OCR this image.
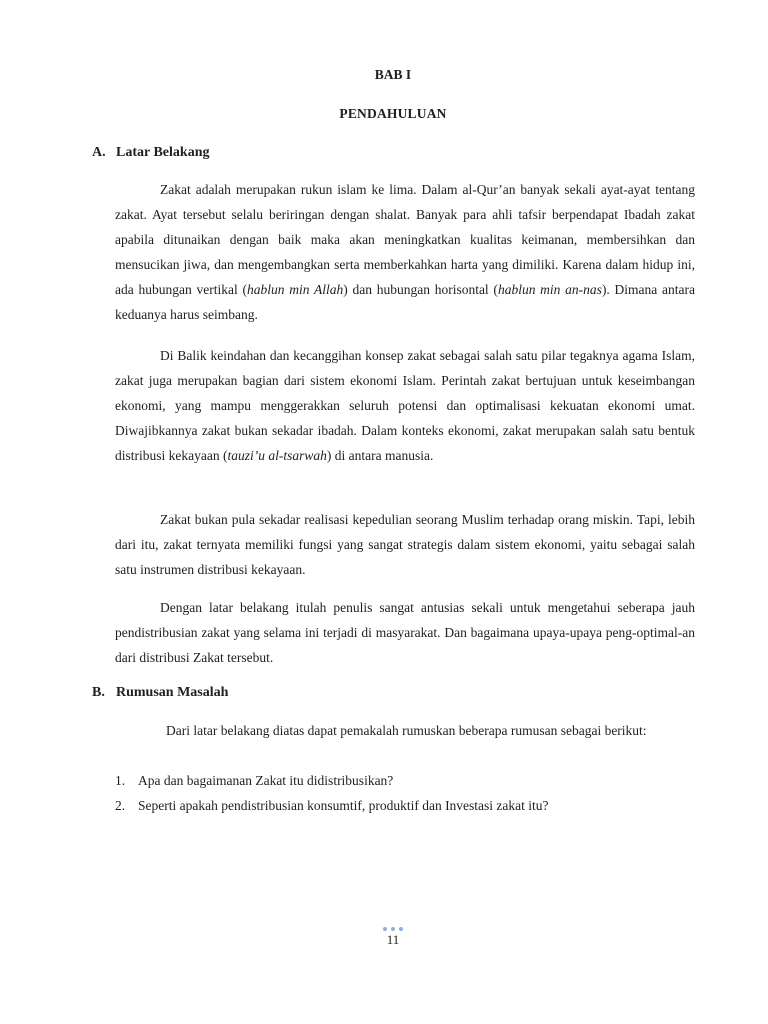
BAB I
PENDAHULUAN
A. Latar Belakang

Zakat adalah merupakan rukun islam ke lima. Dalam al-Qur’an banyak sekali ayat-ayat tentang zakat. Ayat tersebut selalu beriringan dengan shalat. Banyak para ahli tafsir berpendapat Ibadah zakat apabila ditunaikan dengan baik maka akan meningkatkan kualitas keimanan, membersihkan dan mensucikan jiwa, dan mengembangkan serta memberkahkan harta yang dimiliki. Karena dalam hidup ini, ada hubungan vertikal (hablun min Allah) dan hubungan horisontal (hablun min an-nas). Dimana antara keduanya harus seimbang.

Di Balik keindahan dan kecanggihan konsep zakat sebagai salah satu pilar tegaknya agama Islam, zakat juga merupakan bagian dari sistem ekonomi Islam. Perintah zakat bertujuan untuk keseimbangan ekonomi, yang mampu menggerakkan seluruh potensi dan optimalisasi kekuatan ekonomi umat. Diwajibkannya zakat bukan sekadar ibadah. Dalam konteks ekonomi, zakat merupakan salah satu bentuk distribusi kekayaan (tauzi’u al-tsarwah) di antara manusia.

Zakat bukan pula sekadar realisasi kepedulian seorang Muslim terhadap orang miskin. Tapi, lebih dari itu, zakat ternyata memiliki fungsi yang sangat strategis dalam sistem ekonomi, yaitu sebagai salah satu instrumen distribusi kekayaan.

Dengan latar belakang itulah penulis sangat antusias sekali untuk mengetahui seberapa jauh pendistribusian zakat yang selama ini terjadi di masyarakat. Dan bagaimana upaya-upaya peng-optimal-an dari distribusi Zakat tersebut.

B. Rumusan Masalah

Dari latar belakang diatas dapat pemakalah rumuskan beberapa rumusan sebagai berikut:

1. Apa dan bagaimanan Zakat itu didistribusikan?
2. Seperti apakah pendistribusian konsumtif, produktif dan Investasi zakat itu?
11
